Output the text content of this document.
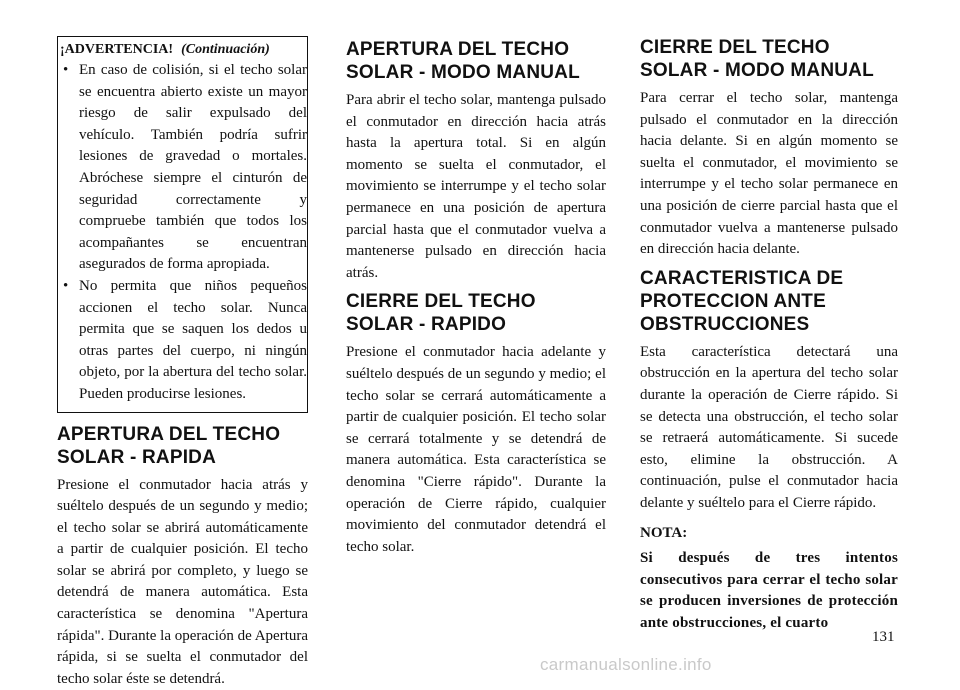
¡ADVERTENCIA! (Continuación)

• En caso de colisión, si el techo solar se encuentra abierto existe un mayor riesgo de salir expulsado del vehículo. También podría sufrir lesiones de gravedad o mortales. Abróchese siempre el cinturón de seguridad correctamente y compruebe también que todos los acompañantes se encuentran asegurados de forma apropiada.

• No permita que niños pequeños accionen el techo solar. Nunca permita que se saquen los dedos u otras partes del cuerpo, ni ningún objeto, por la abertura del techo solar. Pueden producirse lesiones.

APERTURA DEL TECHO SOLAR - RAPIDA

Presione el conmutador hacia atrás y suéltelo después de un segundo y medio; el techo solar se abrirá automáticamente a partir de cualquier posición. El techo solar se abrirá por completo, y luego se detendrá de manera automática. Esta característica se denomina "Apertura rápida". Durante la operación de Apertura rápida, si se suelta el conmutador del techo solar éste se detendrá.

APERTURA DEL TECHO SOLAR - MODO MANUAL

Para abrir el techo solar, mantenga pulsado el conmutador en dirección hacia atrás hasta la apertura total. Si en algún momento se suelta el conmutador, el movimiento se interrumpe y el techo solar permanece en una posición de apertura parcial hasta que el conmutador vuelva a mantenerse pulsado en dirección hacia atrás.

CIERRE DEL TECHO SOLAR - RAPIDO

Presione el conmutador hacia adelante y suéltelo después de un segundo y medio; el techo solar se cerrará automáticamente a partir de cualquier posición. El techo solar se cerrará totalmente y se detendrá de manera automática. Esta característica se denomina "Cierre rápido". Durante la operación de Cierre rápido, cualquier movimiento del conmutador detendrá el techo solar.

CIERRE DEL TECHO SOLAR - MODO MANUAL

Para cerrar el techo solar, mantenga pulsado el conmutador en la dirección hacia delante. Si en algún momento se suelta el conmutador, el movimiento se interrumpe y el techo solar permanece en una posición de cierre parcial hasta que el conmutador vuelva a mantenerse pulsado en dirección hacia delante.

CARACTERISTICA DE PROTECCION ANTE OBSTRUCCIONES

Esta característica detectará una obstrucción en la apertura del techo solar durante la operación de Cierre rápido. Si se detecta una obstrucción, el techo solar se retraerá automáticamente. Si sucede esto, elimine la obstrucción. A continuación, pulse el conmutador hacia delante y suéltelo para el Cierre rápido.

NOTA:

Si después de tres intentos consecutivos para cerrar el techo solar se producen inversiones de protección ante obstrucciones, el cuarto

131
carmanualsonline.info
